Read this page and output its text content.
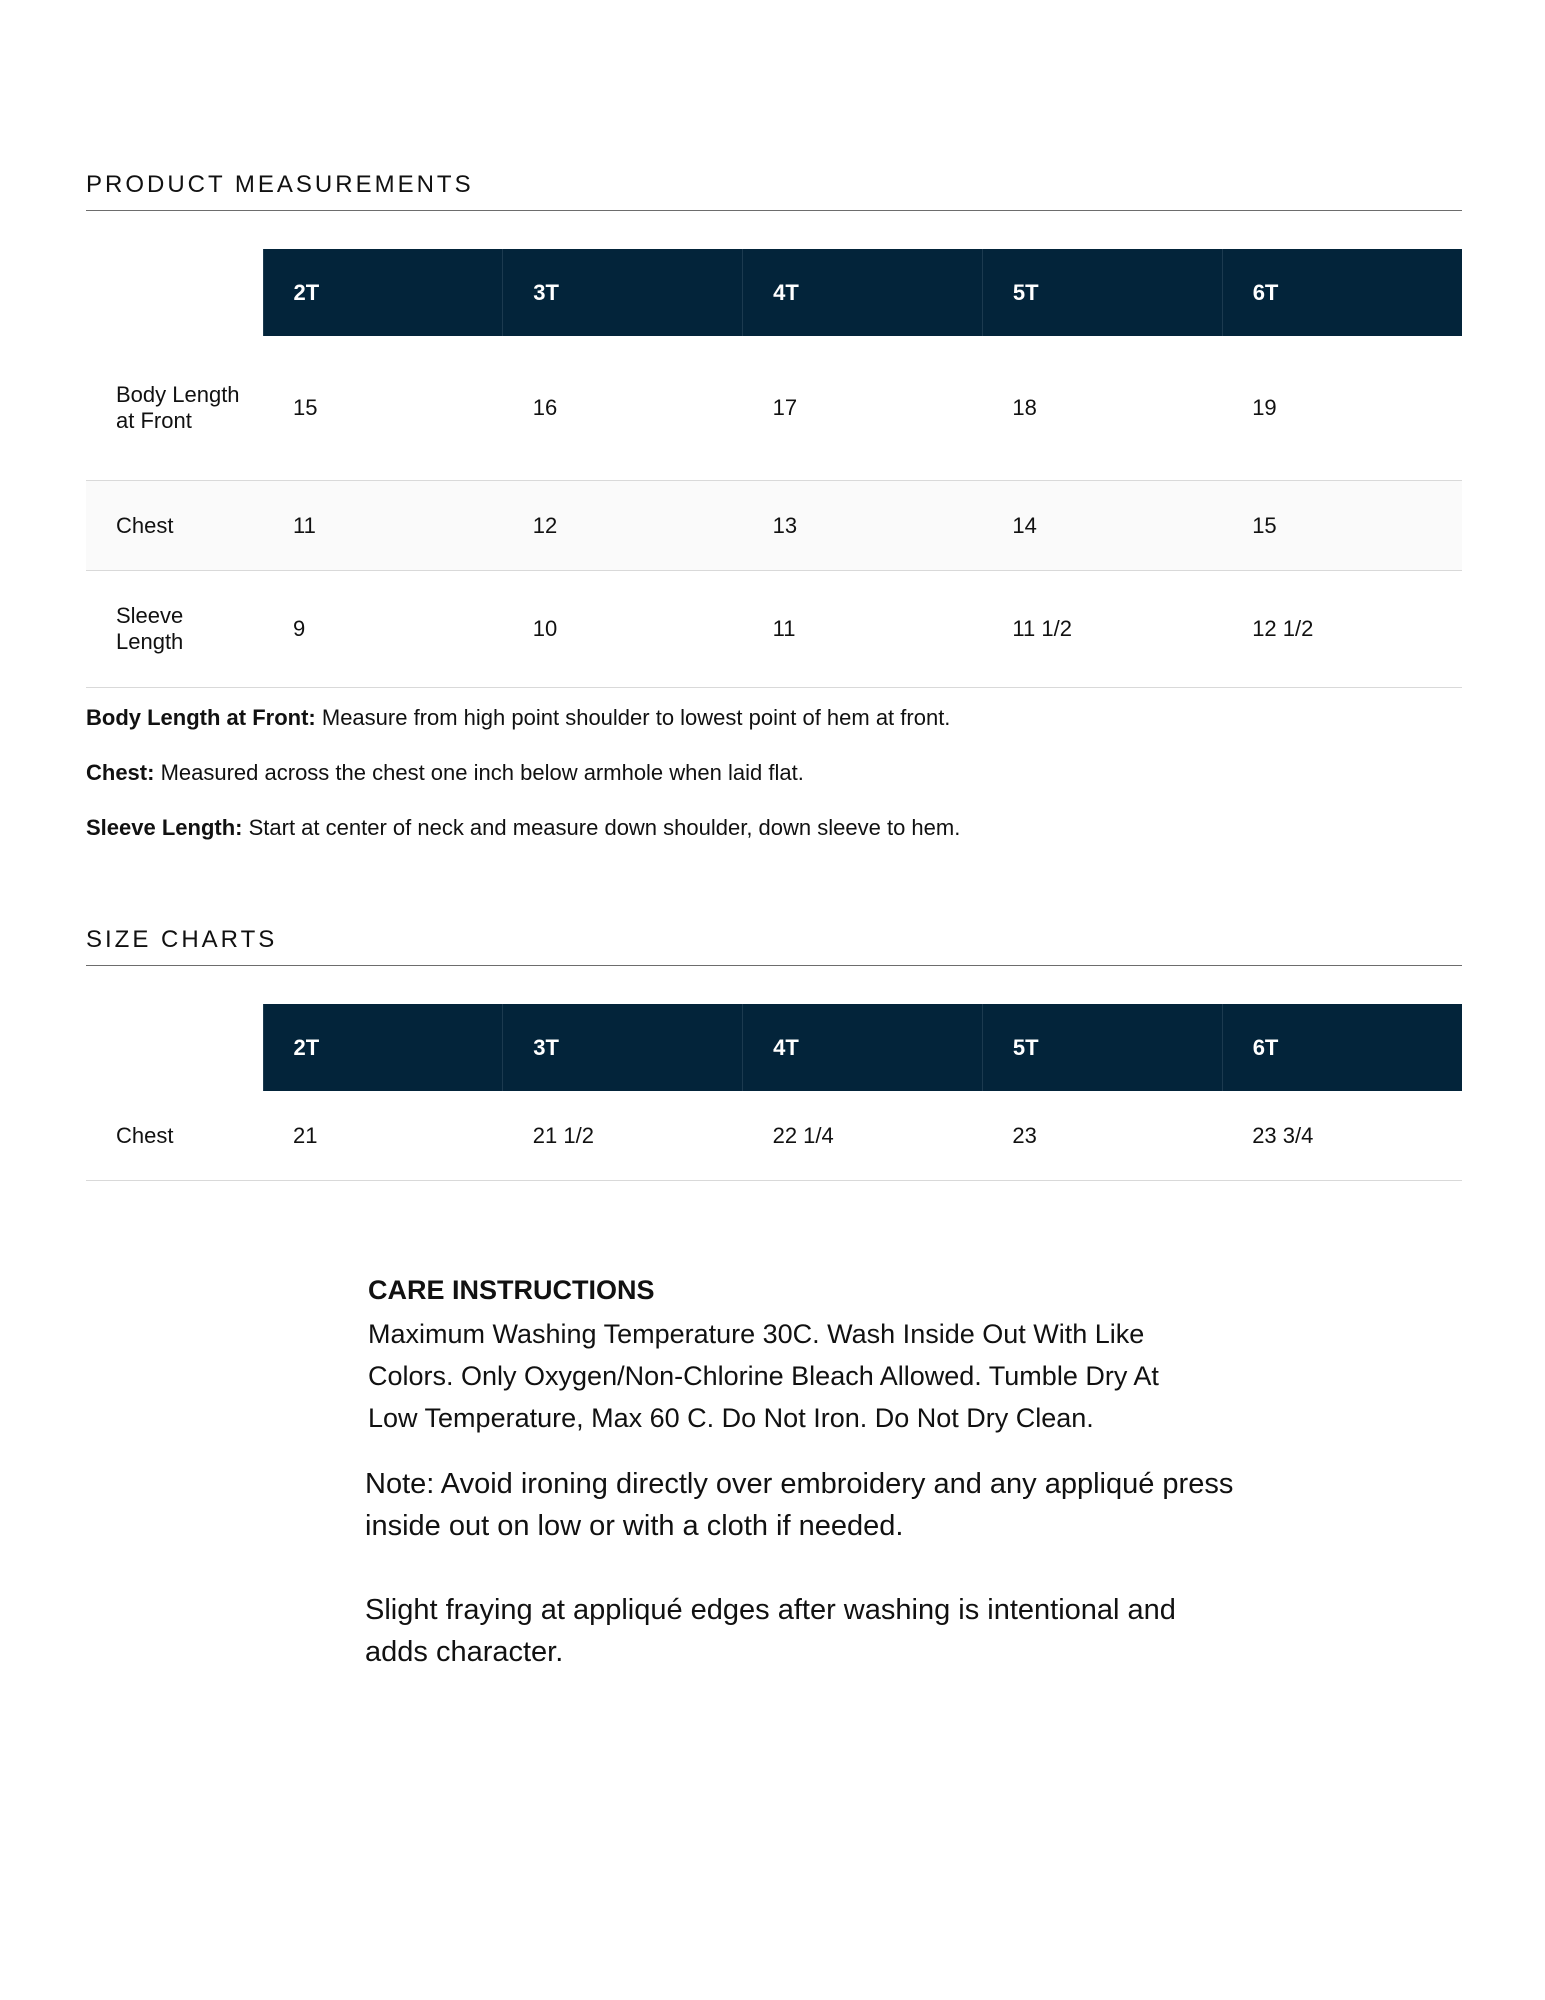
PRODUCT MEASUREMENTS
	2T	3T	4T	5T	6T
Body Length at Front	15	16	17	18	19
Chest	11	12	13	14	15
Sleeve Length	9	10	11	11 1/2	12 1/2

Body Length at Front: Measure from high point shoulder to lowest point of hem at front.

Chest: Measured across the chest one inch below armhole when laid flat.

Sleeve Length: Start at center of neck and measure down shoulder, down sleeve to hem.

SIZE CHARTS
	2T	3T	4T	5T	6T
Chest	21	21 1/2	22 1/4	23	23 3/4
CARE INSTRUCTIONS

Maximum Washing Temperature 30C. Wash Inside Out With Like Colors. Only Oxygen/Non-Chlorine Bleach Allowed. Tumble Dry At Low Temperature, Max 60 C. Do Not Iron. Do Not Dry Clean.

Note: Avoid ironing directly over embroidery and any appliqué press inside out on low or with a cloth if needed.

Slight fraying at appliqué edges after washing is intentional and adds character.
